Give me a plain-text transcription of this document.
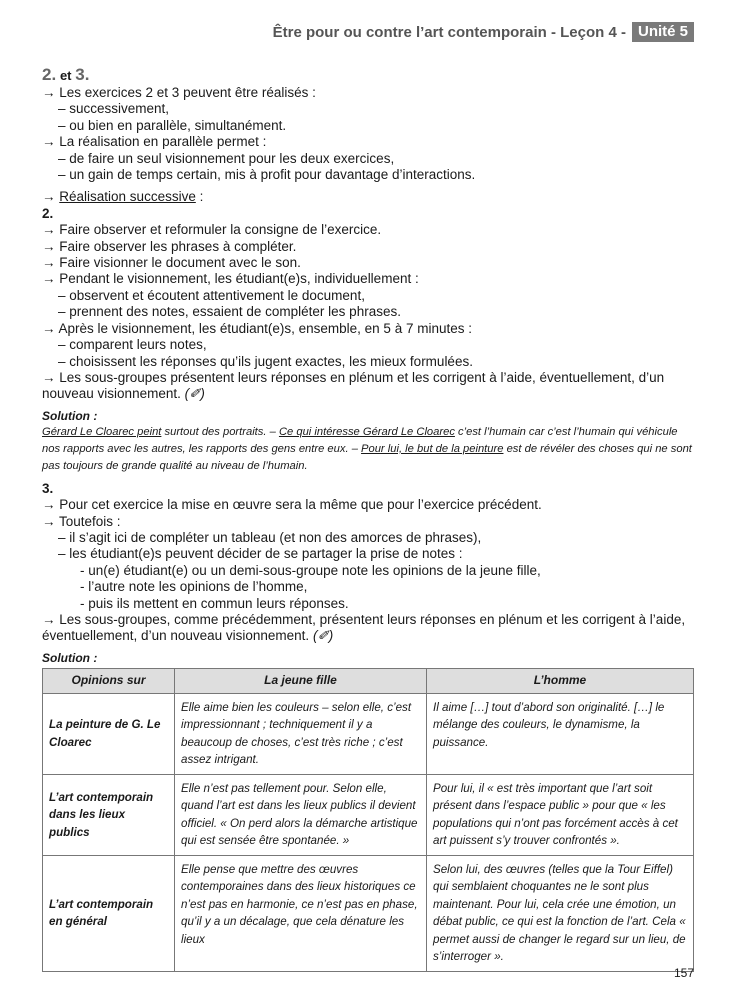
Être pour ou contre l’art contemporain - Leçon 4 - Unité 5

2. et 3.

→ Les exercices 2 et 3 peuvent être réalisés :

– successivement,

– ou bien en parallèle, simultanément.

→ La réalisation en parallèle permet :

– de faire un seul visionnement pour les deux exercices,

– un gain de temps certain, mis à profit pour davantage d’interactions.

→ Réalisation successive :

2.

→ Faire observer et reformuler la consigne de l’exercice.

→ Faire observer les phrases à compléter.

→ Faire visionner le document avec le son.

→ Pendant le visionnement, les étudiant(e)s, individuellement :

– observent et écoutent attentivement le document,

– prennent des notes, essaient de compléter les phrases.

→ Après le visionnement, les étudiant(e)s, ensemble, en 5 à 7 minutes :

– comparent leurs notes,

– choisissent les réponses qu’ils jugent exactes, les mieux formulées.

→ Les sous-groupes présentent leurs réponses en plénum et les corrigent à l’aide, éventuellement, d’un nouveau visionnement. (✐)

Solution :

Gérard Le Cloarec peint surtout des portraits. – Ce qui intéresse Gérard Le Cloarec c’est l’humain car c’est l’humain qui véhicule nos rapports avec les autres, les rapports des gens entre eux. – Pour lui, le but de la peinture est de révéler des choses qui ne sont pas toujours de grande qualité au niveau de l’humain.

3.

→ Pour cet exercice la mise en œuvre sera la même que pour l’exercice précédent.

→ Toutefois :

– il s’agit ici de compléter un tableau (et non des amorces de phrases),

– les étudiant(e)s peuvent décider de se partager la prise de notes :

- un(e) étudiant(e) ou un demi-sous-groupe note les opinions de la jeune fille,

- l’autre note les opinions de l’homme,

- puis ils mettent en commun leurs réponses.

→ Les sous-groupes, comme précédemment, présentent leurs réponses en plénum et les corrigent à l’aide, éventuellement, d’un nouveau visionnement. (✐)

Solution :

Opinions sur	La jeune fille	L’homme
La peinture de G. Le Cloarec	Elle aime bien les couleurs – selon elle, c’est impressionnant ; techniquement il y a beaucoup de choses, c’est très riche ; c’est assez intrigant.	Il aime […] tout d’abord son originalité. […] le mélange des couleurs, le dynamisme, la puissance.
L’art contemporain dans les lieux publics	Elle n’est pas tellement pour. Selon elle, quand l’art est dans les lieux publics il devient officiel. « On perd alors la démarche artistique qui est sensée être spontanée. »	Pour lui, il « est très important que l’art soit présent dans l’espace public » pour que « les populations qui n’ont pas forcément accès à cet art puissent s’y trouver confrontés ».
L’art contemporain en général	Elle pense que mettre des œuvres contemporaines dans des lieux historiques ce n’est pas en harmonie, ce n’est pas en phase, qu’il y a un décalage, que cela dénature les lieux	Selon lui, des œuvres (telles que la Tour Eiffel) qui semblaient choquantes ne le sont plus maintenant. Pour lui, cela crée une émotion, un débat public, ce qui est la fonction de l’art. Cela « permet aussi de changer le regard sur un lieu, de s’interroger ».
157
